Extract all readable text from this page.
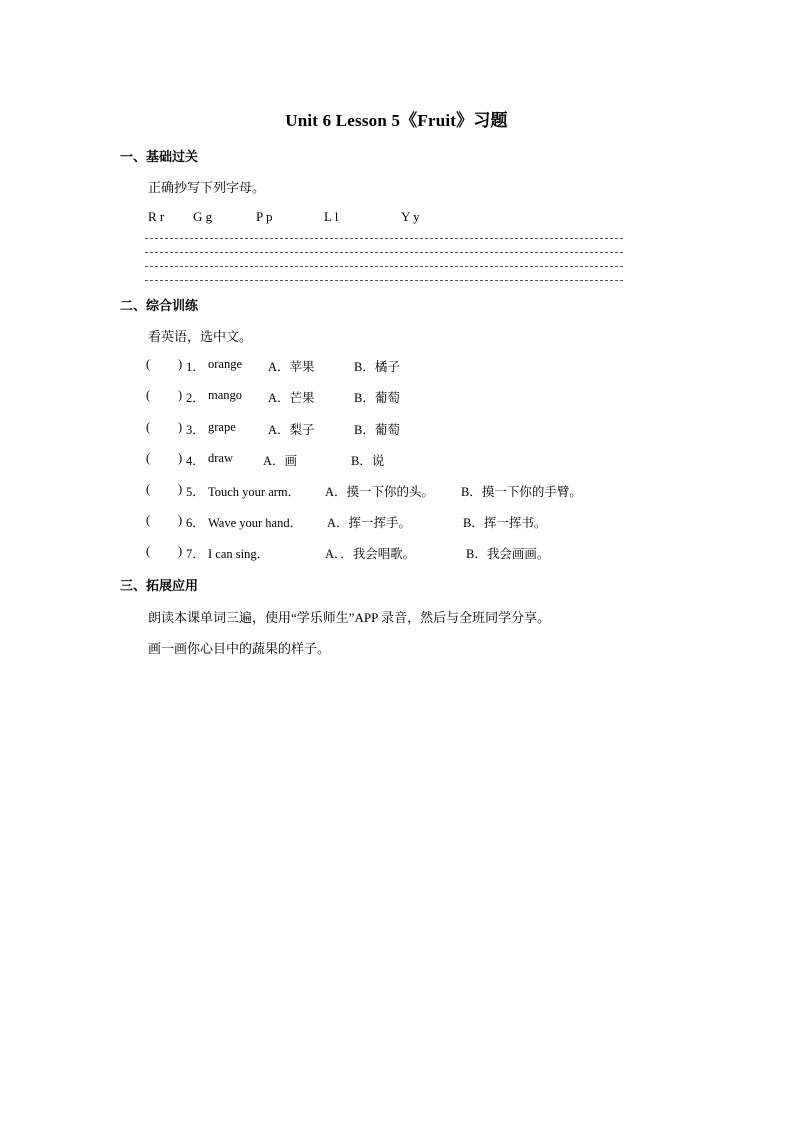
Unit 6 Lesson 5《Fruit》习题
一、基础过关
正确抄写下列字母。
R r G g	P p	L l	Y y
二、综合训练
看英语，选中文。
( ) 1． orange A．苹果	B．橘子
( ) 2． mango A．芒果	B．葡萄
( ) 3． grape	A．梨子	B．葡萄
( ) 4． draw A．画	B．说
( ) 5． Touch your arm． A．摸一下你的头。 B．摸一下你的手臂。
( ) 6． Wave your hand． A．挥一挥手。	B．挥一挥书。
( ) 7． I can sing．	A．．我会唱歌。	B．我会画画。
三、拓展应用
朗读本课单词三遍，使用“学乐师生”APP 录音，然后与全班同学分享。
画一画你心目中的蔬果的样子。
